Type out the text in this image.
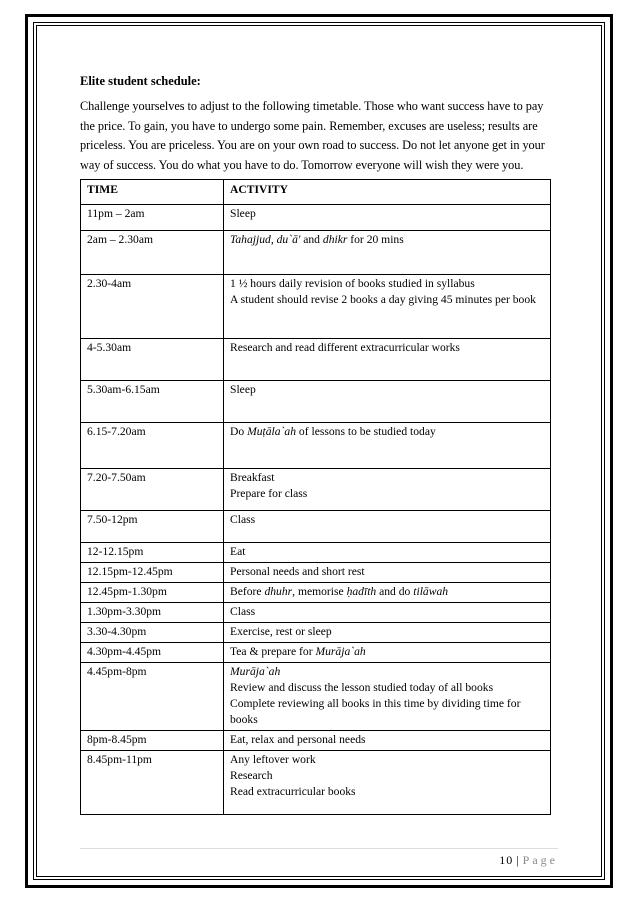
Elite student schedule:

Challenge yourselves to adjust to the following timetable. Those who want success have to pay the price. To gain, you have to undergo some pain. Remember, excuses are useless; results are priceless. You are priceless. You are on your own road to success. Do not let anyone get in your way of success. You do what you have to do. Tomorrow everyone will wish they were you.

TIME	ACTIVITY
11pm – 2am	Sleep

2am – 2.30am	Tahajjud, du`ā' and dhikr for 20 mins

2.30-4am	1 ½ hours daily revision of books studied in syllabus
A student should revise 2 books a day giving 45 minutes per book

4-5.30am	Research and read different extracurricular works

5.30am-6.15am	Sleep

6.15-7.20am	Do Muṭāla`ah of lessons to be studied today

7.20-7.50am	Breakfast
Prepare for class

7.50-12pm	Class

12-12.15pm	Eat

12.15pm-12.45pm	Personal needs and short rest

12.45pm-1.30pm	Before dhuhr, memorise ḥadīth and do tilāwah

1.30pm-3.30pm	Class

3.30-4.30pm	Exercise, rest or sleep

4.30pm-4.45pm	Tea & prepare for Murāja`ah

4.45pm-8pm	Murāja`ah
Review and discuss the lesson studied today of all books
Complete reviewing all books in this time by dividing time for books

8pm-8.45pm	Eat, relax and personal needs

8.45pm-11pm	Any leftover work
Research
Read extracurricular books
10 | Page
